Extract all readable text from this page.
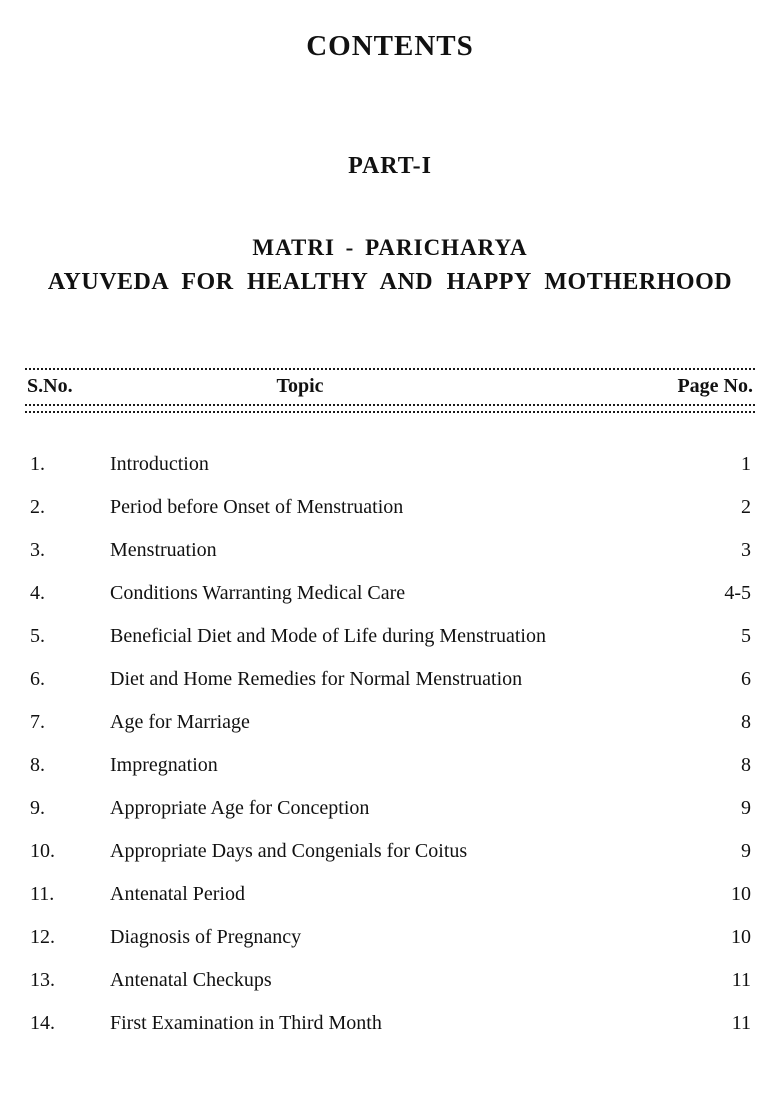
CONTENTS
PART-I
MATRI - PARICHARYA
AYUVEDA FOR HEALTHY AND HAPPY MOTHERHOOD
S.No.	Topic	Page No.
1.	Introduction	1
2.	Period before Onset of Menstruation	2
3.	Menstruation	3
4.	Conditions Warranting Medical Care	4-5
5.	Beneficial Diet and Mode of Life during Menstruation	5
6.	Diet and Home Remedies for Normal Menstruation	6
7.	Age for Marriage	8
8.	Impregnation	8
9.	Appropriate Age for Conception	9
10.	Appropriate Days and Congenials for Coitus	9
11.	Antenatal Period	10
12.	Diagnosis of Pregnancy	10
13.	Antenatal Checkups	11
14.	First Examination in Third Month	11
